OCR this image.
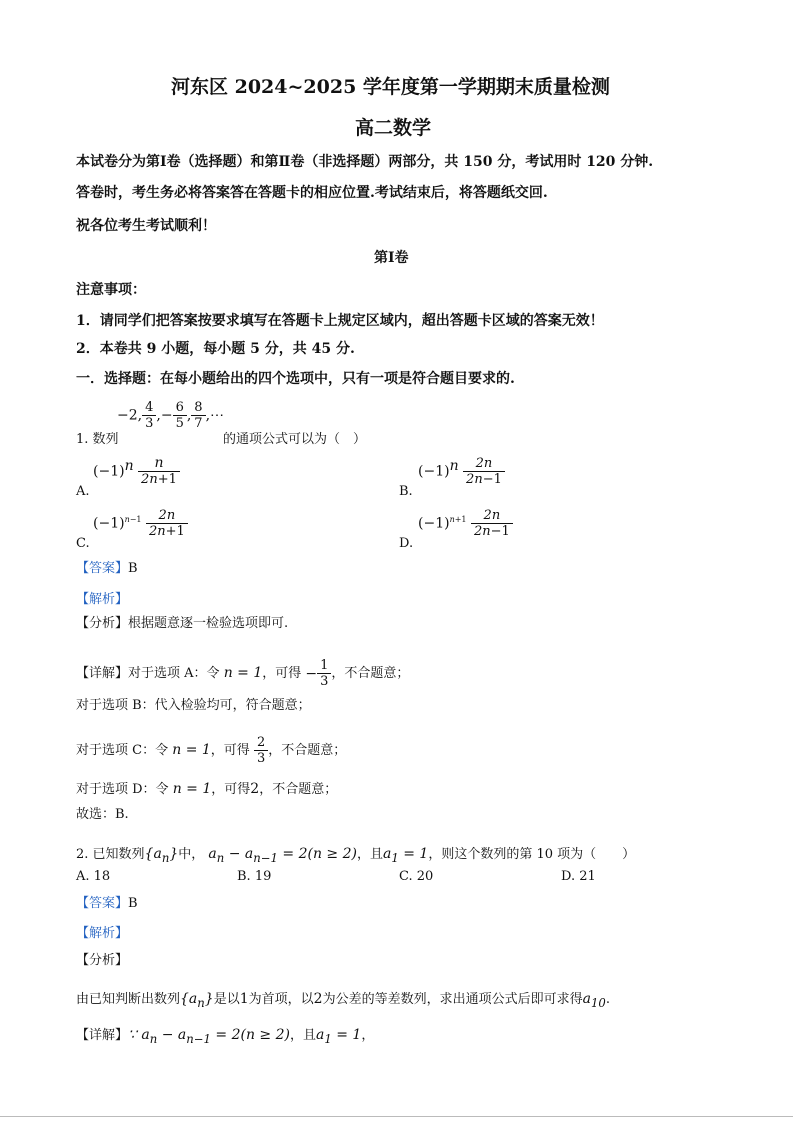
河东区 2024~2025 学年度第一学期期末质量检测
高二数学
本试卷分为第Ⅰ卷（选择题）和第Ⅱ卷（非选择题）两部分，共 150 分，考试用时 120 分钟.
答卷时，考生务必将答案答在答题卡的相应位置.考试结束后，将答题纸交回.
祝各位考生考试顺利！
第Ⅰ卷
注意事项：
1．请同学们把答案按要求填写在答题卡上规定区域内，超出答题卡区域的答案无效！
2．本卷共 9 小题，每小题 5 分，共 45 分.
一．选择题：在每小题给出的四个选项中，只有一项是符合题目要求的.
1. 数列
−2, $\frac{4}{3}$ ,− $\frac{6}{5}$ , $\frac{8}{7}$ ,⋯
的通项公式可以为（　）
A.
$(-1)^n \frac{n}{2n+1}$
B.
$(-1)^n \frac{2n}{2n-1}$
C.
$(-1)^{n-1} \frac{2n}{2n+1}$
D.
$(-1)^{n+1} \frac{2n}{2n-1}$
【答案】B
【解析】
【分析】根据题意逐一检验选项即可.
【详解】对于选项 A：令 n = 1，可得 − $\frac{1}{3}$ ，不合题意；
对于选项 B：代入检验均可，符合题意；
对于选项 C：令 n = 1，可得 $\frac{2}{3}$ ，不合题意；
对于选项 D：令 n = 1，可得2，不合题意；
故选：B.
2. 已知数列$\{a_n\}$中， $a_n - a_{n-1} = 2(n \ge 2)$，且$a_1 = 1$，则这个数列的第 10 项为（　　）
A. 18	B. 19	C. 20	D. 21
【答案】B
【解析】
【分析】
由已知判断出数列$\{a_n\}$是以1为首项，以2为公差的等差数列，求出通项公式后即可求得$a_{10}$.
【详解】∵ $a_n - a_{n-1} = 2(n \ge 2)$，且$a_1 = 1$，
